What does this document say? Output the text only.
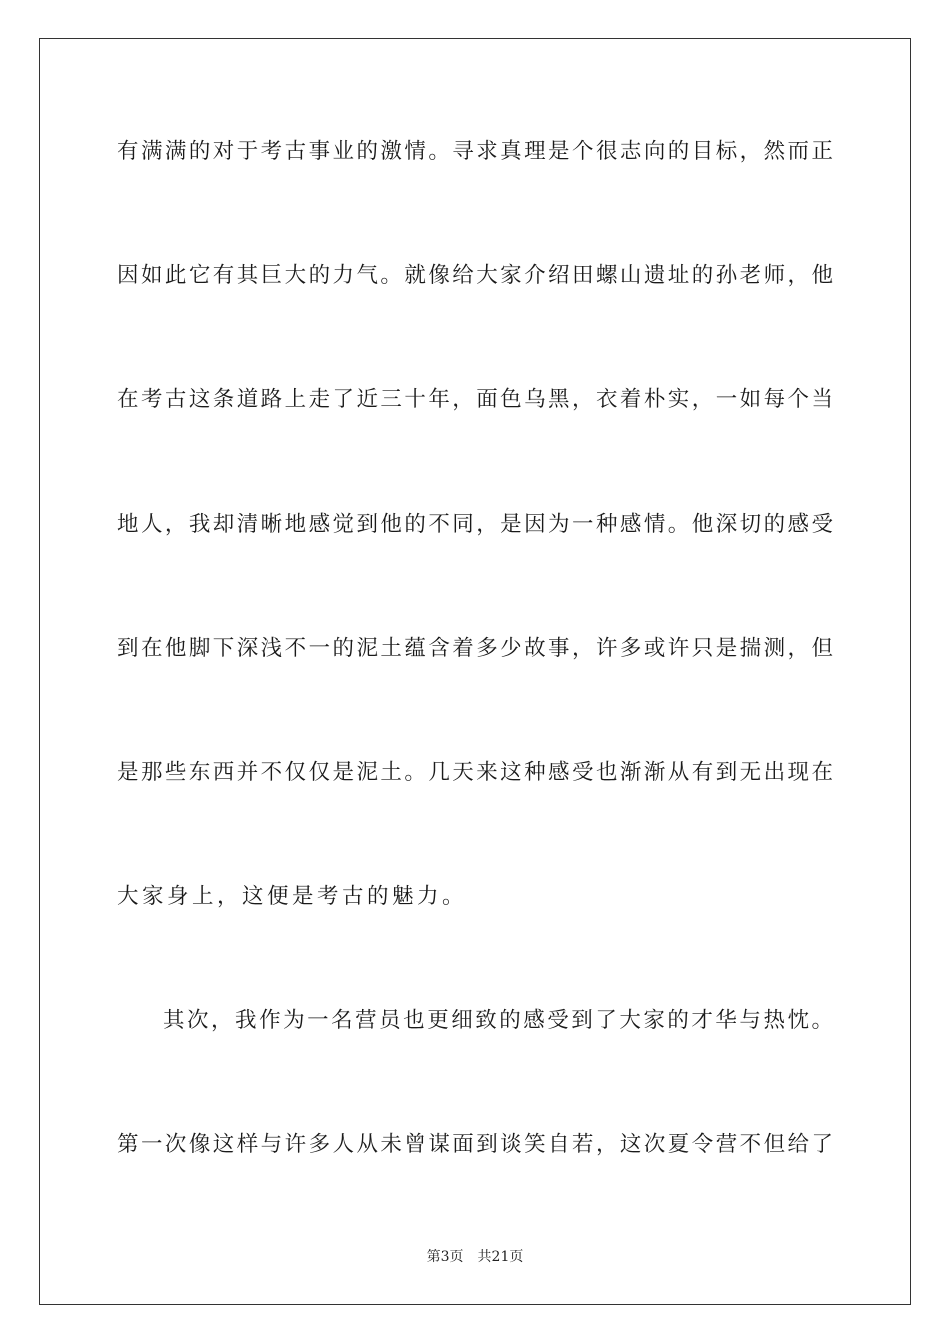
有满满的对于考古事业的激情。寻求真理是个很志向的目标，然而正
因如此它有其巨大的力气。就像给大家介绍田螺山遗址的孙老师，他
在考古这条道路上走了近三十年，面色乌黑，衣着朴实，一如每个当
地人，我却清晰地感觉到他的不同，是因为一种感情。他深切的感受
到在他脚下深浅不一的泥土蕴含着多少故事，许多或许只是揣测，但
是那些东西并不仅仅是泥土。几天来这种感受也渐渐从有到无出现在
大家身上，这便是考古的魅力。
其次，我作为一名营员也更细致的感受到了大家的才华与热忱。
第一次像这样与许多人从未曾谋面到谈笑自若，这次夏令营不但给了
第3页 共21页
